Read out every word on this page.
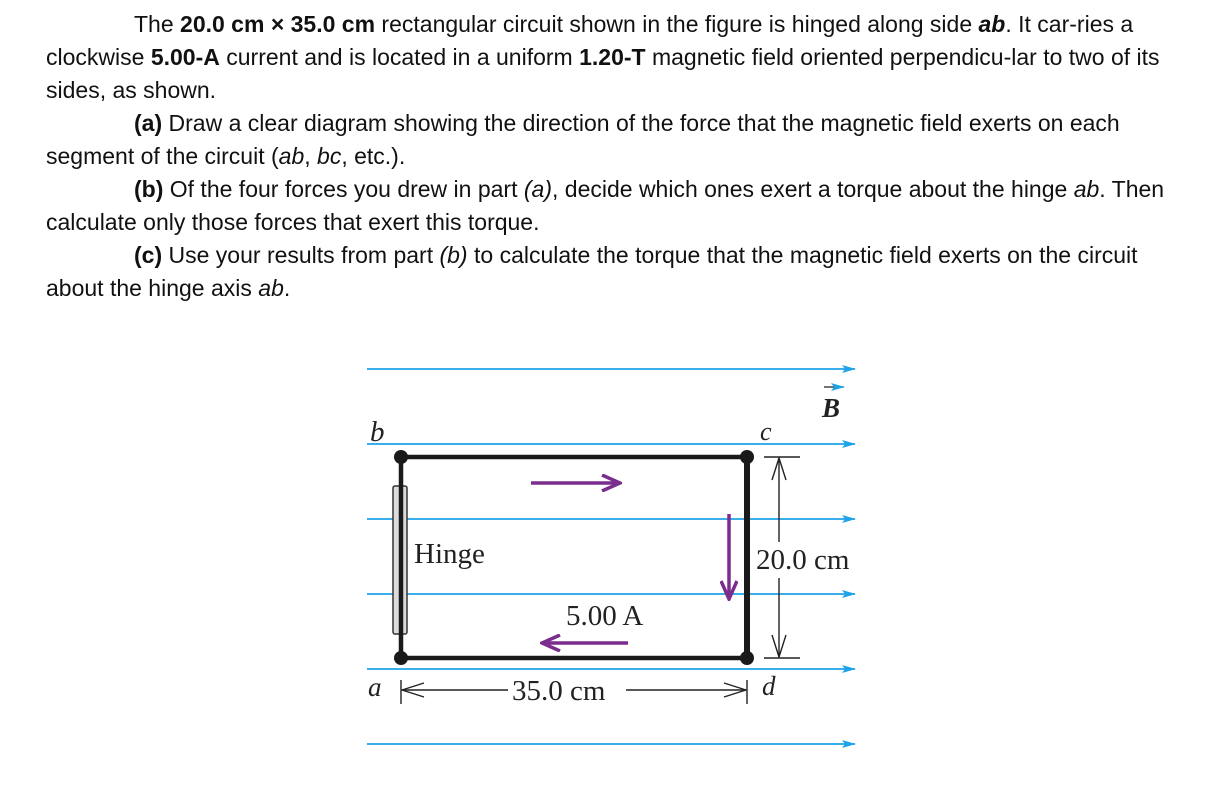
The 20.0 cm × 35.0 cm rectangular circuit shown in the figure is hinged along side ab. It car-ries a clockwise 5.00-A current and is located in a uniform 1.20-T magnetic field oriented perpendicu-lar to two of its sides, as shown.

(a) Draw a clear diagram showing the direction of the force that the magnetic field exerts on each segment of the circuit (ab, bc, etc.).

(b) Of the four forces you drew in part (a), decide which ones exert a torque about the hinge ab. Then calculate only those forces that exert this torque.

(c) Use your results from part (b) to calculate the torque that the magnetic field exerts on the circuit about the hinge axis ab.

B
Hinge
5.00 A
b	c
a	d
35.0 cm
20.0 cm
